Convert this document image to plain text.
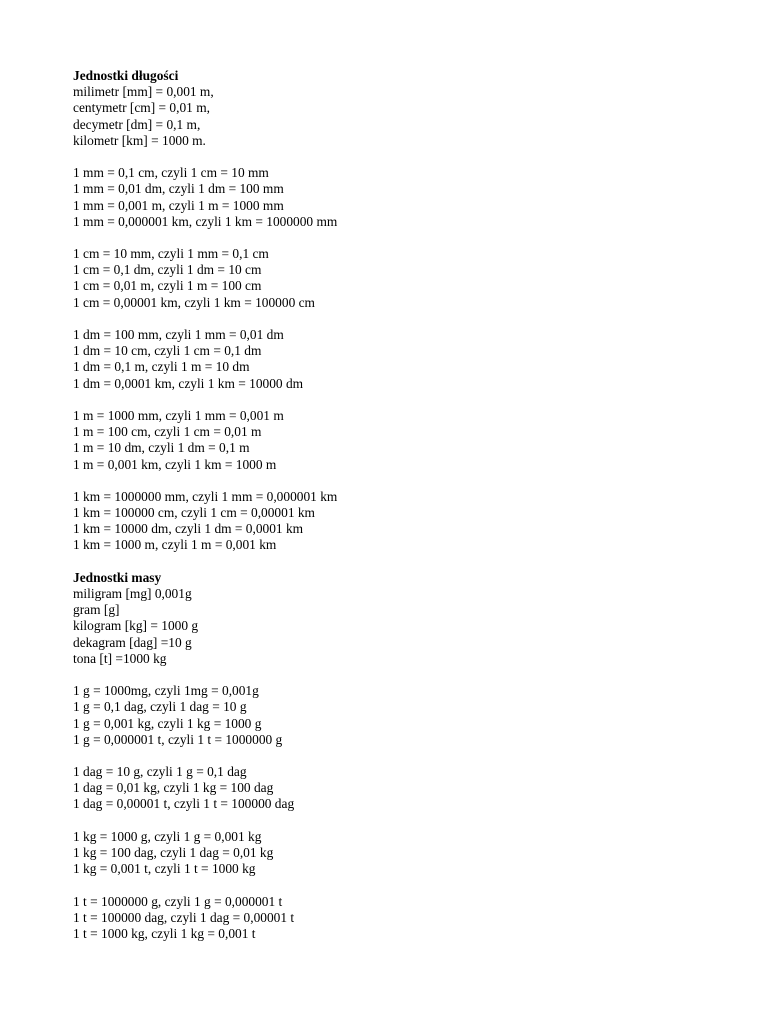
Jednostki długości
milimetr [mm] = 0,001 m,
centymetr [cm] = 0,01 m,
decymetr [dm] = 0,1 m,
kilometr [km] = 1000 m.
1 mm = 0,1 cm, czyli 1 cm = 10 mm
1 mm = 0,01 dm, czyli 1 dm = 100 mm
1 mm = 0,001 m, czyli 1 m = 1000 mm
1 mm = 0,000001 km, czyli 1 km = 1000000 mm
1 cm = 10 mm, czyli 1 mm = 0,1 cm
1 cm = 0,1 dm, czyli 1 dm = 10 cm
1 cm = 0,01 m, czyli 1 m = 100 cm
1 cm = 0,00001 km, czyli 1 km = 100000 cm
1 dm = 100 mm, czyli 1 mm = 0,01 dm
1 dm = 10 cm, czyli 1 cm = 0,1 dm
1 dm = 0,1 m, czyli 1 m = 10 dm
1 dm = 0,0001 km, czyli 1 km = 10000 dm
1 m = 1000 mm, czyli 1 mm = 0,001 m
1 m = 100 cm, czyli 1 cm = 0,01 m
1 m = 10 dm, czyli 1 dm = 0,1 m
1 m = 0,001 km, czyli 1 km = 1000 m
1 km = 1000000 mm, czyli 1 mm = 0,000001 km
1 km = 100000 cm, czyli 1 cm = 0,00001 km
1 km = 10000 dm, czyli 1 dm = 0,0001 km
1 km = 1000 m, czyli 1 m = 0,001 km
Jednostki masy
miligram [mg] 0,001g
gram [g]
kilogram [kg] = 1000 g
dekagram [dag] =10 g
tona [t] =1000 kg
1 g = 1000mg, czyli 1mg = 0,001g
1 g = 0,1 dag, czyli 1 dag = 10 g
1 g = 0,001 kg, czyli 1 kg = 1000 g
1 g = 0,000001 t, czyli 1 t = 1000000 g
1 dag = 10 g, czyli 1 g = 0,1 dag
1 dag = 0,01 kg, czyli 1 kg = 100 dag
1 dag = 0,00001 t, czyli 1 t = 100000 dag
1 kg = 1000 g, czyli 1 g = 0,001 kg
1 kg = 100 dag, czyli 1 dag = 0,01 kg
1 kg = 0,001 t, czyli 1 t = 1000 kg
1 t = 1000000 g, czyli 1 g = 0,000001 t
1 t = 100000 dag, czyli 1 dag = 0,00001 t
1 t = 1000 kg, czyli 1 kg = 0,001 t
